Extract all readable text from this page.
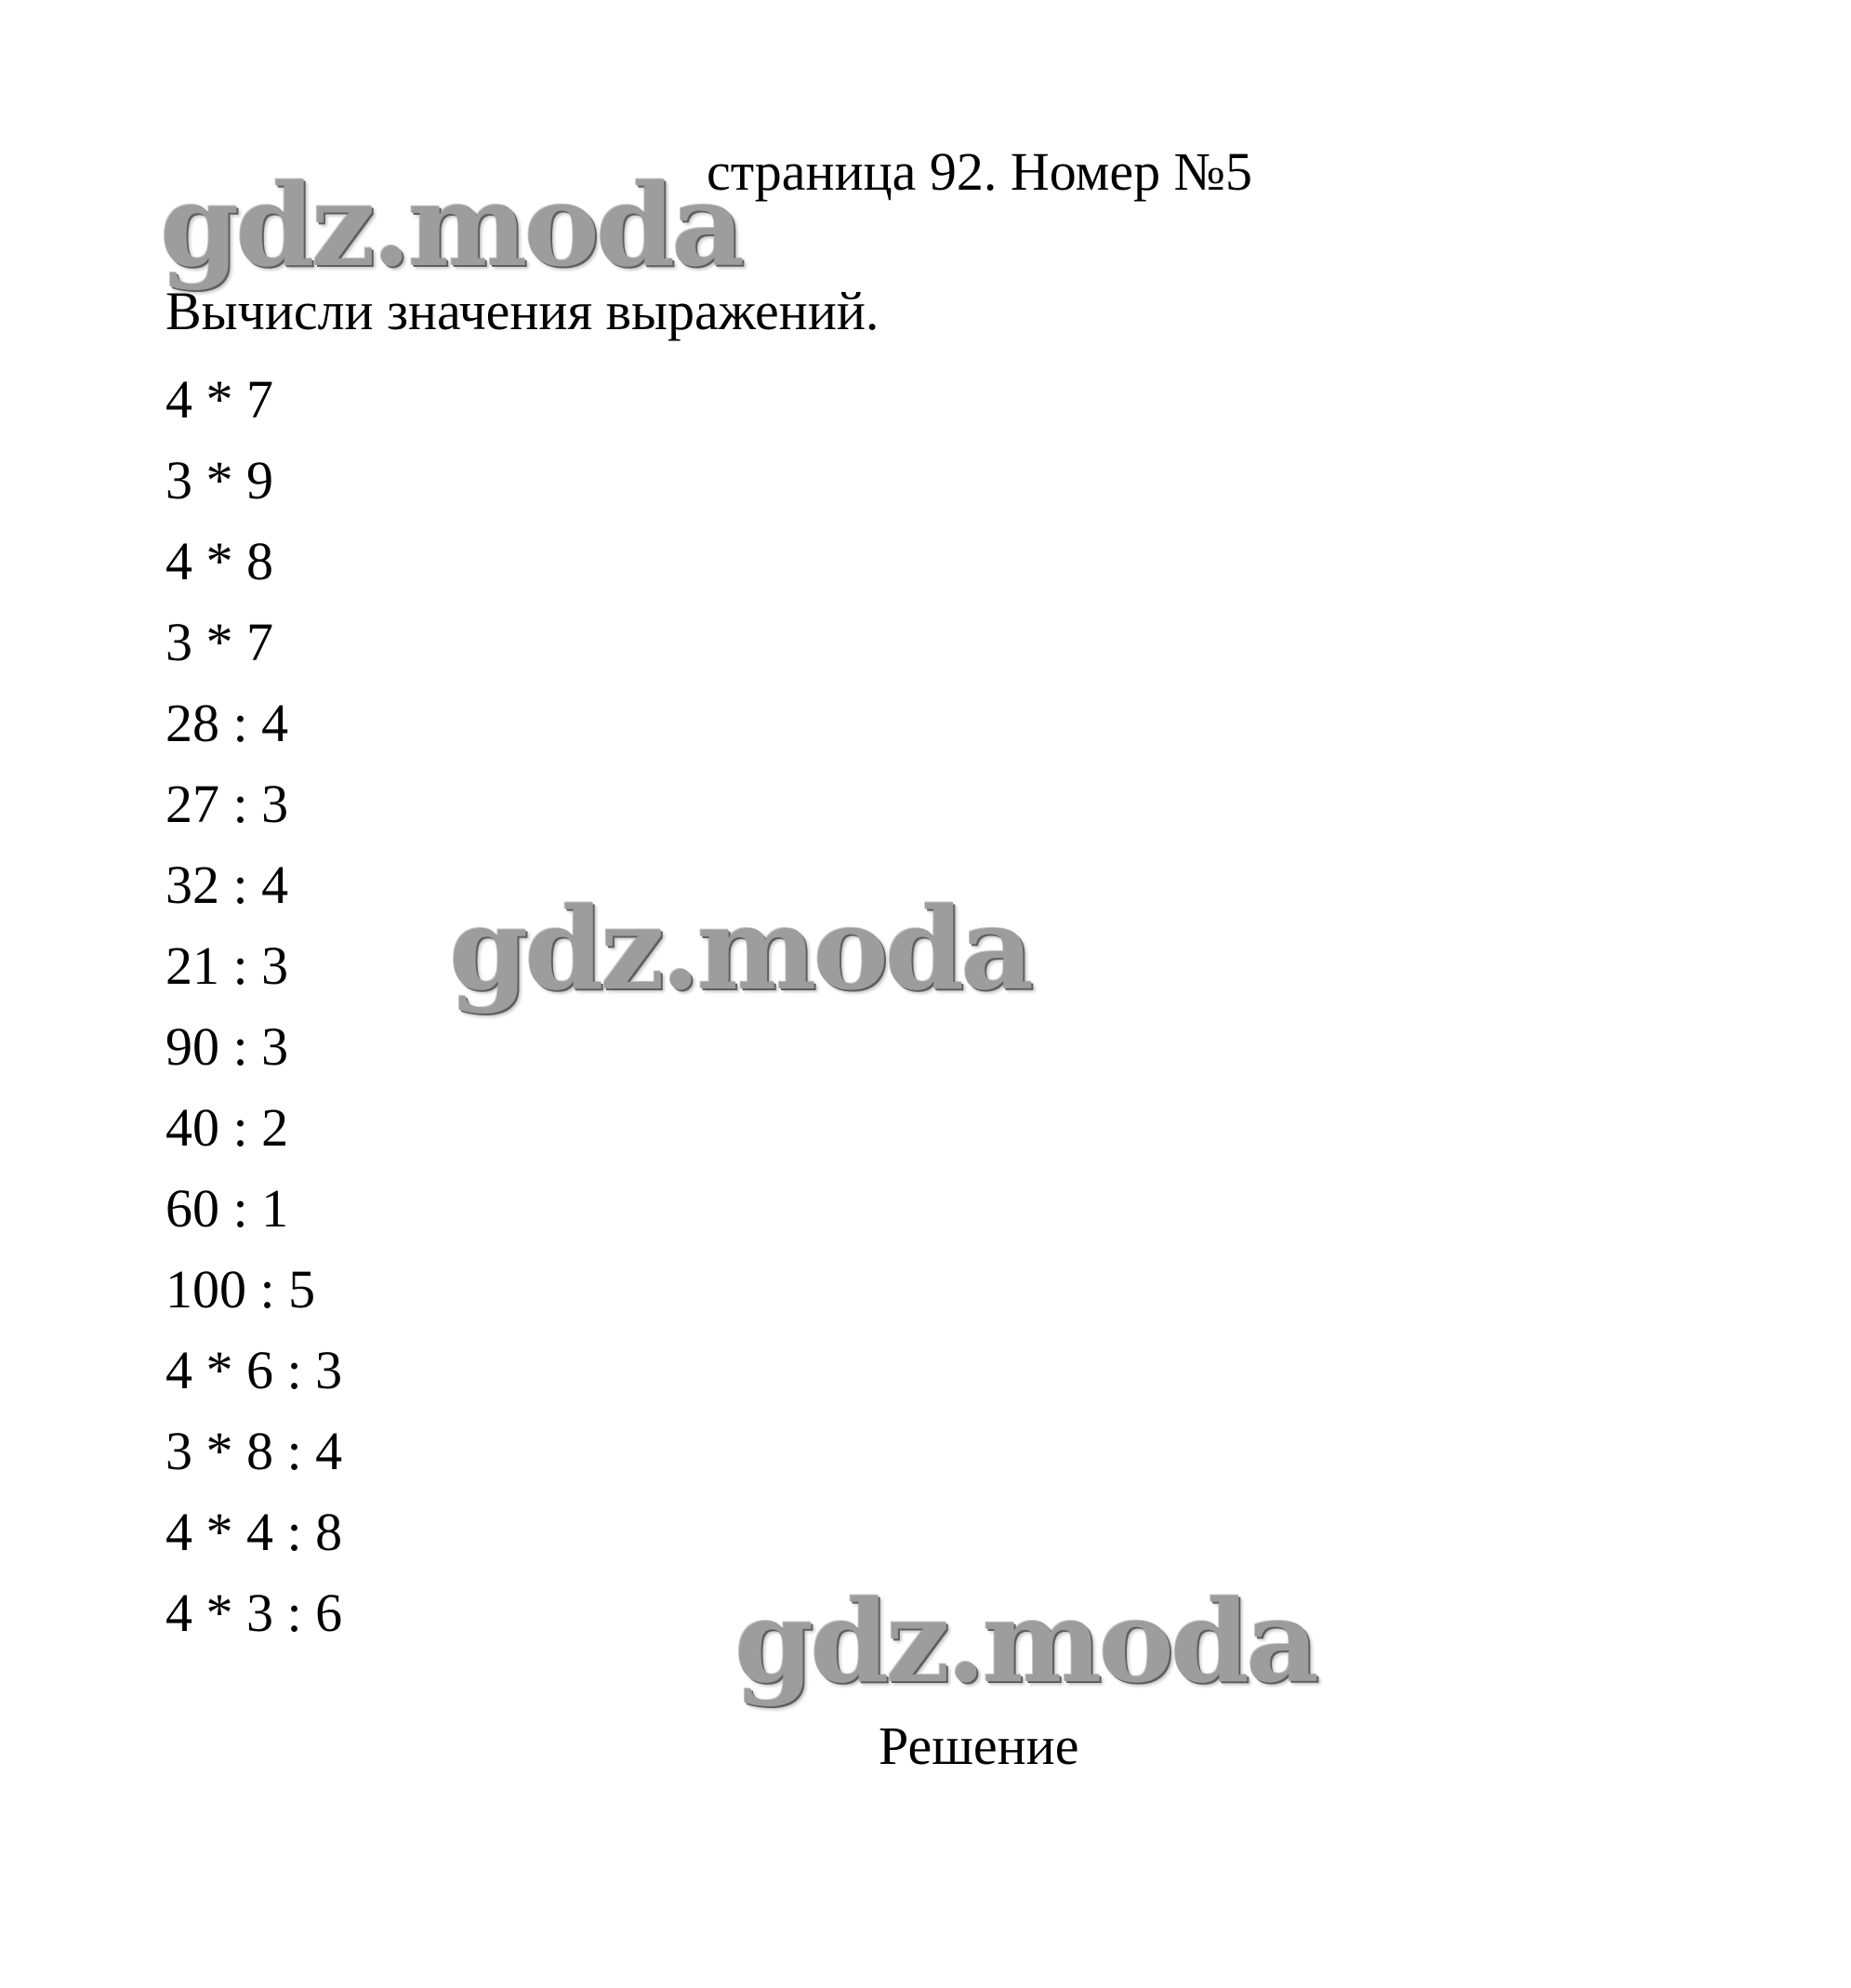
страница 92. Номер №5
gdz.moda
Вычисли значения выражений.
4 * 7
3 * 9
4 * 8
3 * 7
28 : 4
27 : 3
32 : 4
21 : 3
90 : 3
40 : 2
60 : 1
100 : 5
4 * 6 : 3
3 * 8 : 4
4 * 4 : 8
4 * 3 : 6
gdz.moda
gdz.moda
Решение
